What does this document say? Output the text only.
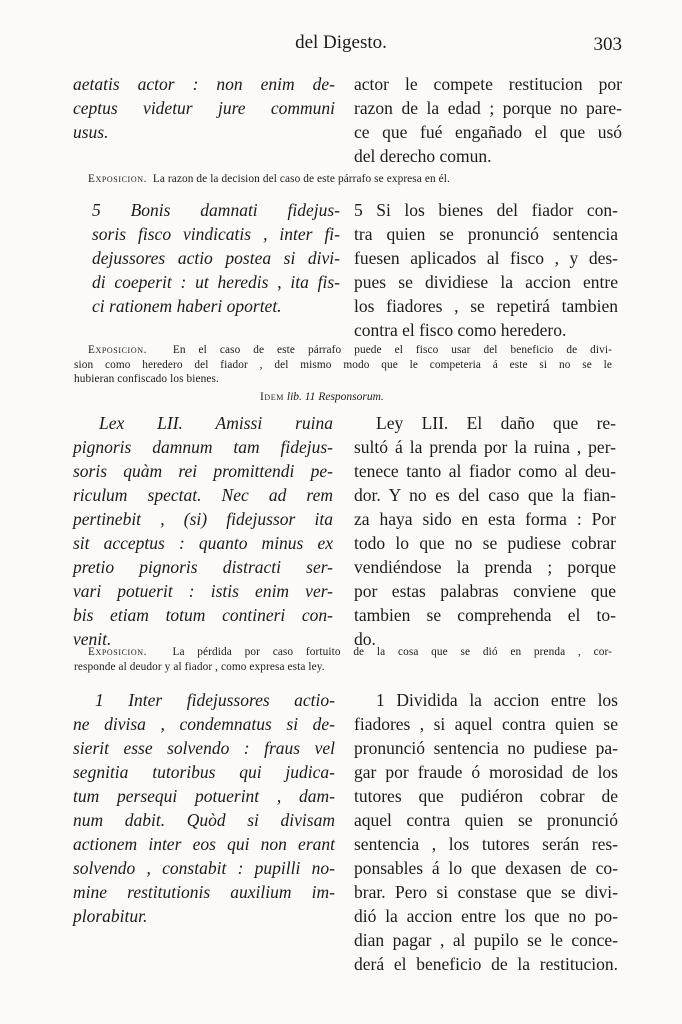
del Digesto.	303
aetatis actor : non enim de-
ceptus videtur jure communi
usus.
actor le compete restitucion por
razon de la edad ; porque no pare-
ce que fué engañado el que usó
del derecho comun.
Exposicion. La razon de la decision del caso de este párrafo se expresa en él.
5 Bonis damnati fidejus-
soris fisco vindicatis , inter fi-
dejussores actio postea si divi-
di coeperit : ut heredis , ita fis-
ci rationem haberi oportet.
5 Si los bienes del fiador con-
tra quien se pronunció sentencia
fuesen aplicados al fisco , y des-
pues se dividiese la accion entre
los fiadores , se repetirá tambien
contra el fisco como heredero.
Exposicion. En el caso de este párrafo puede el fisco usar del beneficio de divi-
sion como heredero del fiador , del mismo modo que le competeria á este si no se le
hubieran confiscado los bienes.
Idem lib. 11 Responsorum.
Lex LII. Amissi ruina
pignoris damnum tam fidejus-
soris quàm rei promittendi pe-
riculum spectat. Nec ad rem
pertinebit , (si) fidejussor ita
sit acceptus : quanto minus ex
pretio pignoris distracti ser-
vari potuerit : istis enim ver-
bis etiam totum contineri con-
venit.
Ley LII. El daño que re-
sultó á la prenda por la ruina , per-
tenece tanto al fiador como al deu-
dor. Y no es del caso que la fian-
za haya sido en esta forma : Por
todo lo que no se pudiese cobrar
vendiéndose la prenda ; porque
por estas palabras conviene que
tambien se comprehenda el to-
do.
Exposicion. La pérdida por caso fortuito de la cosa que se dió en prenda , cor-
responde al deudor y al fiador , como expresa esta ley.
1 Inter fidejussores actio-
ne divisa , condemnatus si de-
sierit esse solvendo : fraus vel
segnitia tutoribus qui judica-
tum persequi potuerint , dam-
num dabit. Quòd si divisam
actionem inter eos qui non erant
solvendo , constabit : pupilli no-
mine restitutionis auxilium im-
plorabitur.
1 Dividida la accion entre los
fiadores , si aquel contra quien se
pronunció sentencia no pudiese pa-
gar por fraude ó morosidad de los
tutores que pudiéron cobrar de
aquel contra quien se pronunció
sentencia , los tutores serán res-
ponsables á lo que dexasen de co-
brar. Pero si constase que se divi-
dió la accion entre los que no po-
dian pagar , al pupilo se le conce-
derá el beneficio de la restitucion.
